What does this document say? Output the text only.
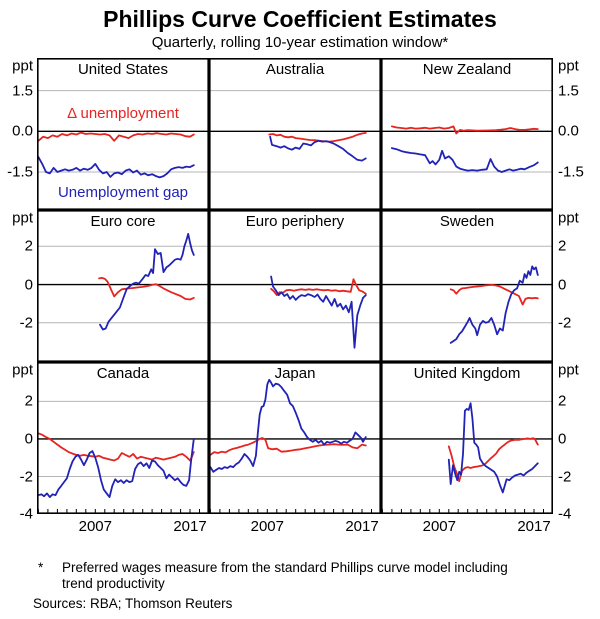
Phillips Curve Coefficient Estimates
Quarterly, rolling 10-year estimation window*
United States
Δ unemployment
Unemployment gap
Australia	New Zealand
Euro core	Euro periphery	Sweden
Canada	Japan	United Kingdom
ppt
1.5
0.0
-1.5
ppt
1.5
0.0
-1.5
ppt
2
0
-2
ppt
2
0
-2
ppt
2
0
-2
-4
ppt
2
0
-2
-4
2007	2017	2007	2017	2007	2017
* Preferred wages measure from the standard Phillips curve model including trend productivity
Sources: RBA; Thomson Reuters
